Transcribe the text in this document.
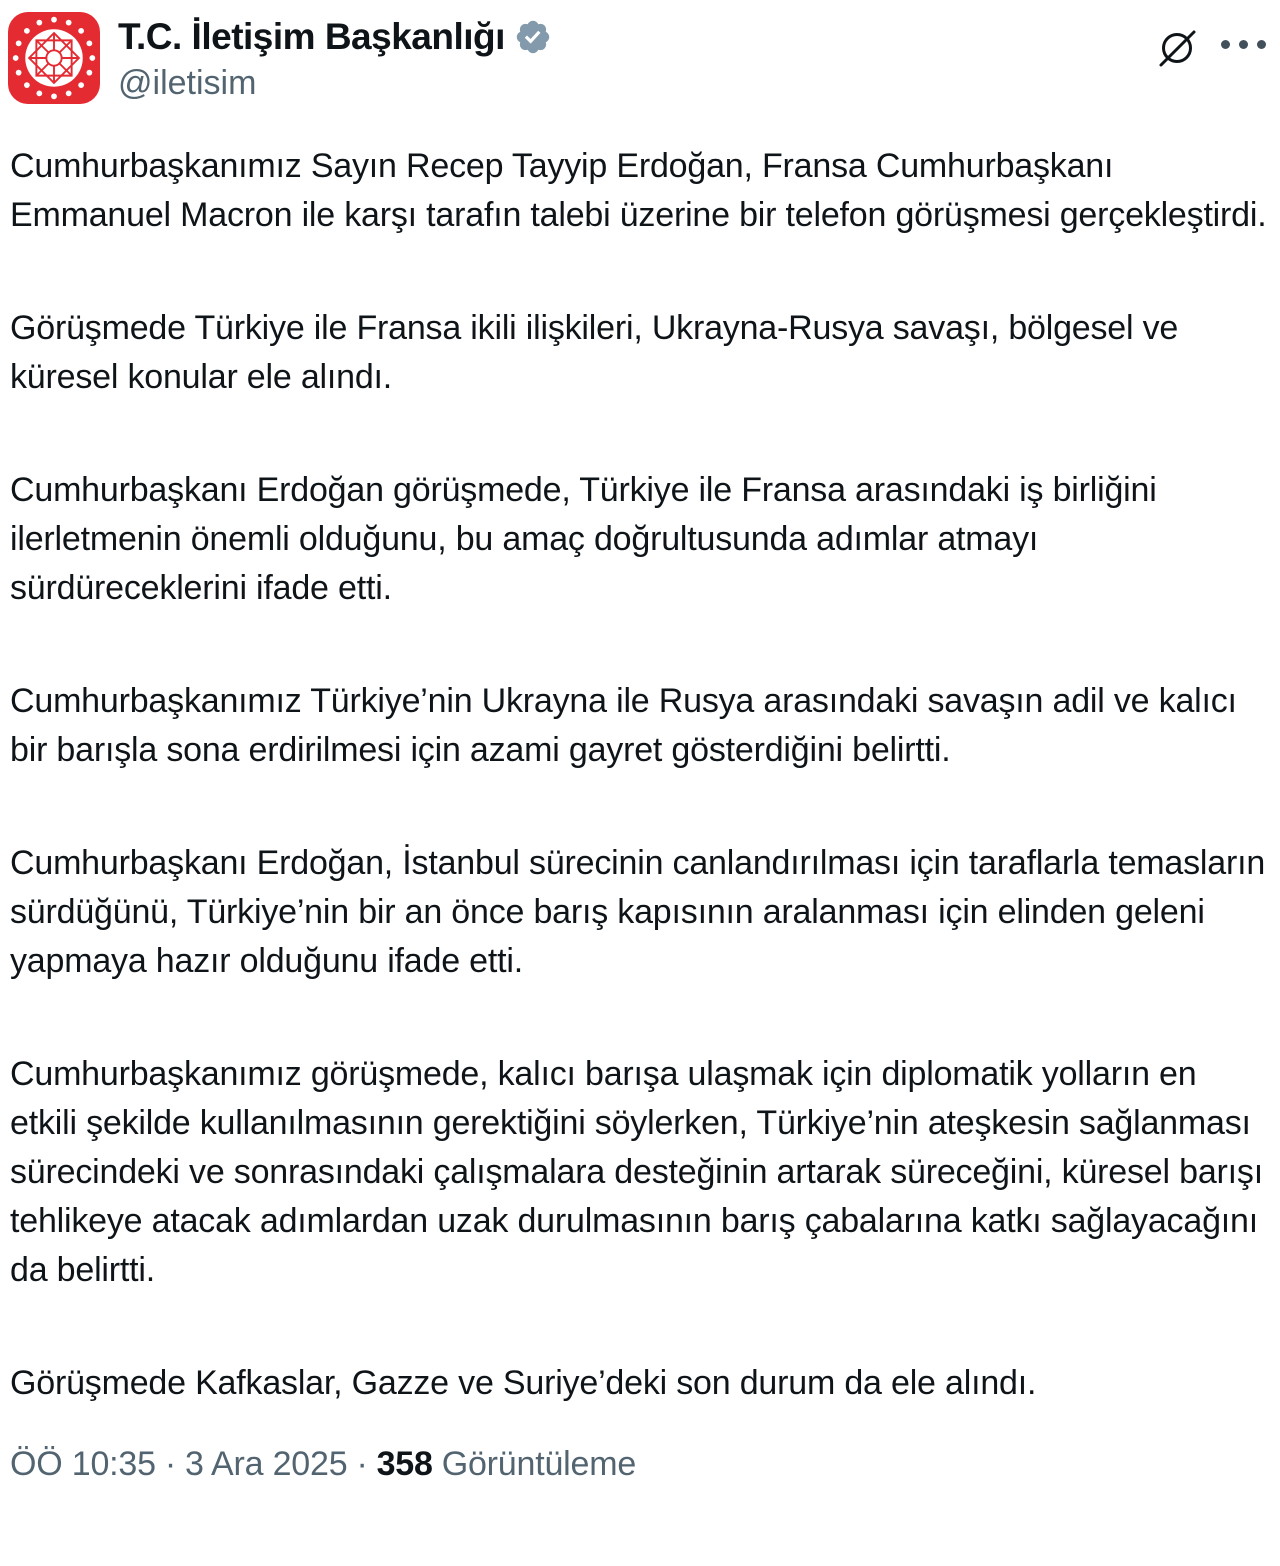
T.C. İletişim Başkanlığı
@iletisim

Cumhurbaşkanımız Sayın Recep Tayyip Erdoğan, Fransa Cumhurbaşkanı Emmanuel Macron ile karşı tarafın talebi üzerine bir telefon görüşmesi gerçekleştirdi.

Görüşmede Türkiye ile Fransa ikili ilişkileri, Ukrayna-Rusya savaşı, bölgesel ve küresel konular ele alındı.

Cumhurbaşkanı Erdoğan görüşmede, Türkiye ile Fransa arasındaki iş birliğini ilerletmenin önemli olduğunu, bu amaç doğrultusunda adımlar atmayı sürdüreceklerini ifade etti.

Cumhurbaşkanımız Türkiye’nin Ukrayna ile Rusya arasındaki savaşın adil ve kalıcı bir barışla sona erdirilmesi için azami gayret gösterdiğini belirtti.

Cumhurbaşkanı Erdoğan, İstanbul sürecinin canlandırılması için taraflarla temasların sürdüğünü, Türkiye’nin bir an önce barış kapısının aralanması için elinden geleni yapmaya hazır olduğunu ifade etti.

Cumhurbaşkanımız görüşmede, kalıcı barışa ulaşmak için diplomatik yolların en etkili şekilde kullanılmasının gerektiğini söylerken, Türkiye’nin ateşkesin sağlanması sürecindeki ve sonrasındaki çalışmalara desteğinin artarak süreceğini, küresel barışı tehlikeye atacak adımlardan uzak durulmasının barış çabalarına katkı sağlayacağını da belirtti.

Görüşmede Kafkaslar, Gazze ve Suriye’deki son durum da ele alındı.

ÖÖ 10:35 · 3 Ara 2025 · 358 Görüntüleme
